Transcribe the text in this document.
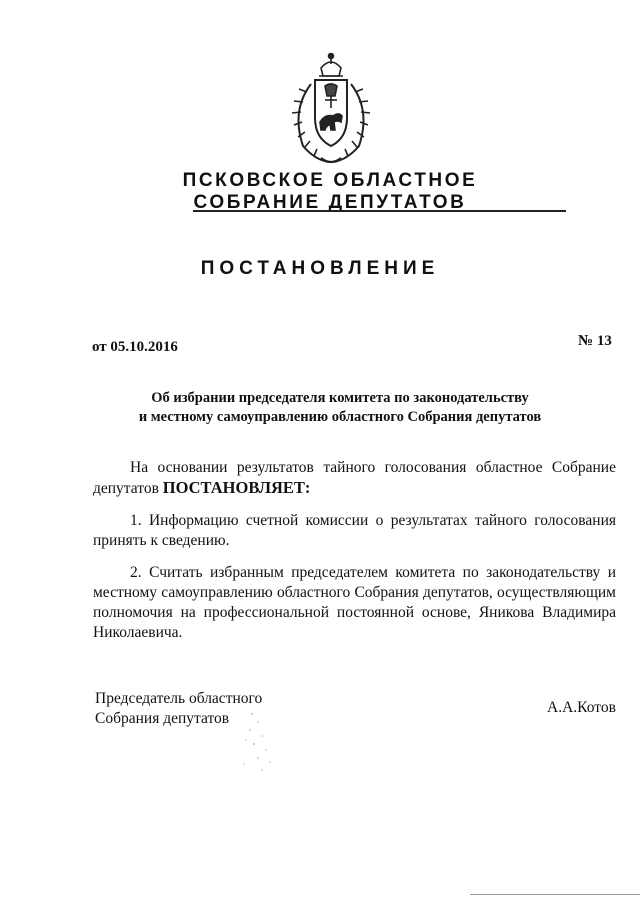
ПСКОВСКОЕ ОБЛАСТНОЕ
СОБРАНИЕ ДЕПУТАТОВ
ПОСТАНОВЛЕНИЕ
от 05.10.2016	№ 13
Об избрании председателя комитета по законодательству
и местному самоуправлению областного Собрания депутатов
На основании результатов тайного голосования областное Собрание
депутатов ПОСТАНОВЛЯЕТ:
1. Информацию счетной комиссии о результатах тайного голосования
принять к сведению.
2. Считать избранным председателем комитета по законодательству и
местному самоуправлению областного Собрания депутатов, осуществляющим
полномочия на профессиональной постоянной основе, Яникова Владимира
Николаевича.
Председатель областного
Собрания депутатов
А.А.Котов
